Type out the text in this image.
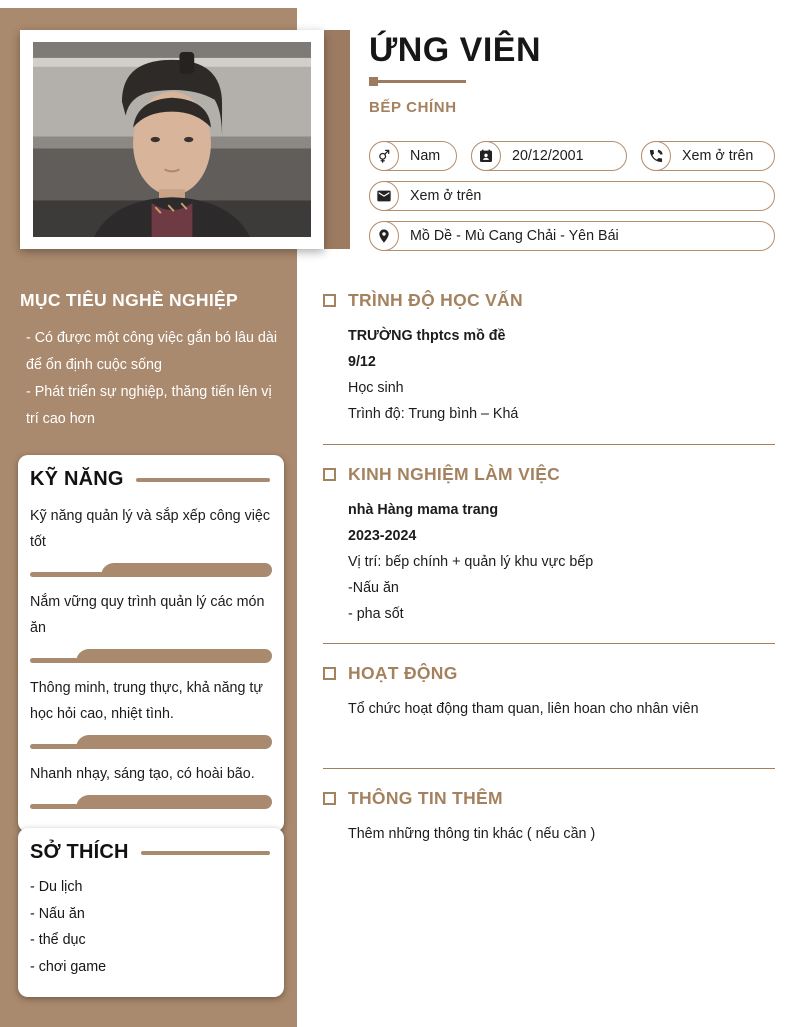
MỤC TIÊU NGHỀ NGHIỆP
- Có được một công việc gắn bó lâu dài để ổn định cuộc sống
- Phát triển sự nghiệp, thăng tiến lên vị trí cao hơn
KỸ NĂNG
Kỹ năng quản lý và sắp xếp công việc tốt
Nắm vững quy trình quản lý các món ăn
Thông minh, trung thực, khả năng tự học hỏi cao, nhiệt tình.
Nhanh nhạy, sáng tạo, có hoài bão.
SỞ THÍCH
- Du lịch
- Nấu ăn
- thể dục
- chơi game
ỨNG VIÊN
BẾP CHÍNH
Nam	20/12/2001	Xem ở trên
Xem ở trên
Mồ Dề - Mù Cang Chải - Yên Bái
TRÌNH ĐỘ HỌC VẤN
TRƯỜNG thptcs mồ đề
9/12
Học sinh
Trình độ: Trung bình – Khá
KINH NGHIỆM LÀM VIỆC
nhà Hàng mama trang
2023-2024
Vị trí: bếp chính + quản lý khu vực bếp
-Nấu ăn
- pha sốt
HOẠT ĐỘNG
Tổ chức hoạt động tham quan, liên hoan cho nhân viên
THÔNG TIN THÊM
Thêm những thông tin khác ( nếu cần )
